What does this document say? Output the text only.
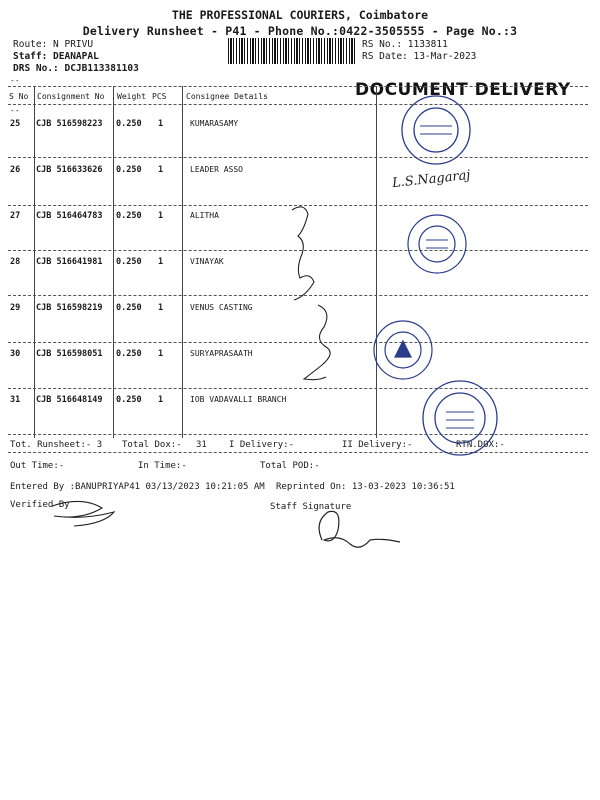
THE PROFESSIONAL COURIERS, Coimbatore
Delivery Runsheet - P41 - Phone No.:0422-3505555 - Page No.:3
Route: N PRIVU
Staff: DEANAPAL
DRS No.: DCJB113381103
RS No.: 1133811
RS Date: 13-Mar-2023
--	DOCUMENT DELIVERY
S No Consignment No Weight PCS Consignee Details
--
25 CJB 516598223 0.250 1	KUMARASAMY
26 CJB 516633626 0.250 1	LEADER ASSO
27 CJB 516464783 0.250 1	ALITHA
28 CJB 516641981 0.250 1	VINAYAK
29 CJB 516598219 0.250 1	VENUS CASTING
30 CJB 516598051 0.250 1	SURYAPRASAATH
31 CJB 516648149 0.250 1	IOB VADAVALLI BRANCH
Tot. Runsheet:- 3 Total Dox:- 31 I Delivery:-	II Delivery:-	RTN.DOX:-
Out Time:-	In Time:-	Total POD:-
Entered By :BANUPRIYAP41 03/13/2023 10:21:05 AM Reprinted On: 13-03-2023 10:36:51
Verified By	Staff Signature
L.S.Nagaraj
